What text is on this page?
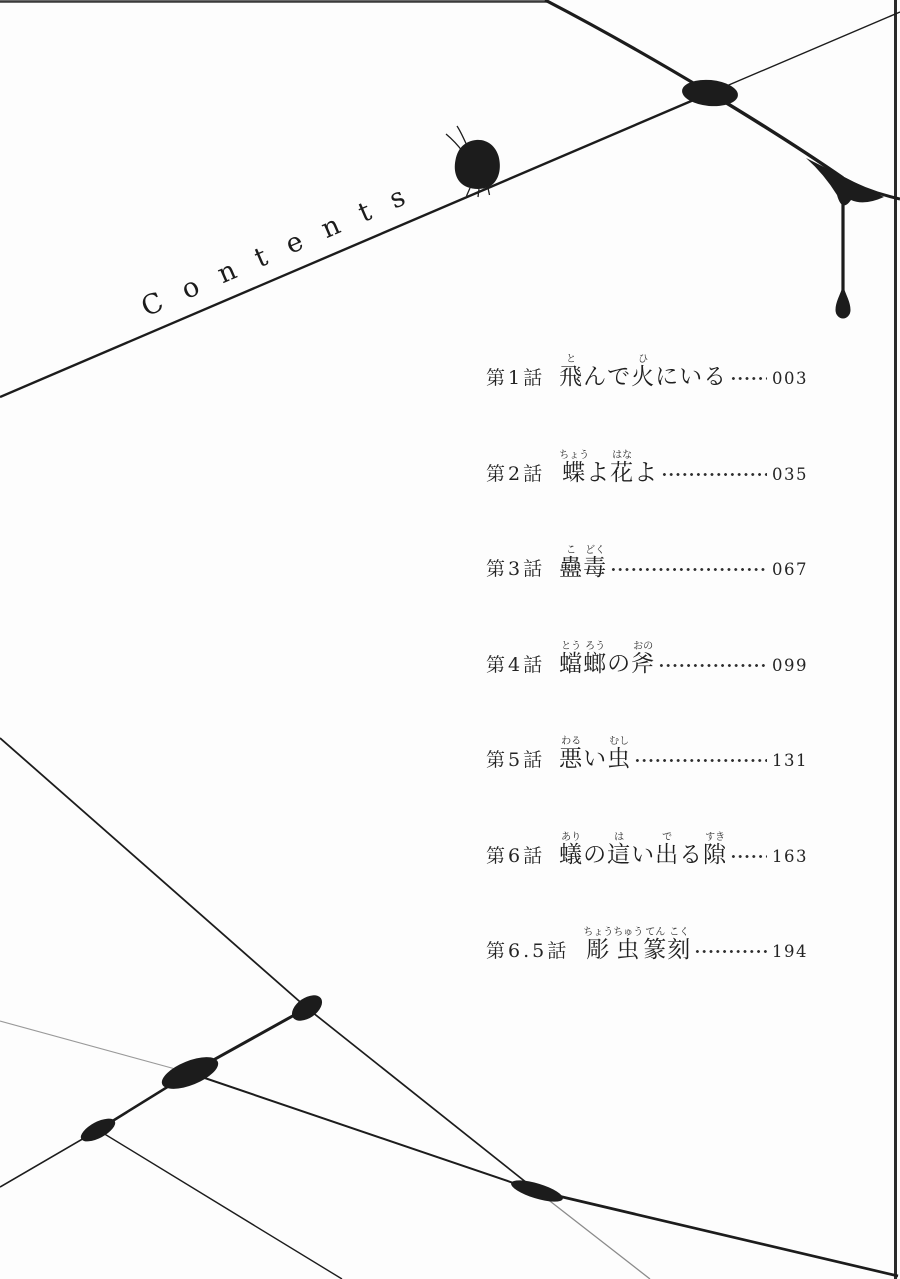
Contents
第1話 飛とんで火ひにいる	003
第2話 蝶ちょうよ花はなよ	035
第3話 蠱こ毒どく
067
第4話 蟷とう螂ろうの斧おの
099
第5話 悪わるい虫むし
131
第6話 蟻ありの這はい出でる隙すき
163
第6.5話 彫ちょう虫ちゅう篆てん刻こく
194
